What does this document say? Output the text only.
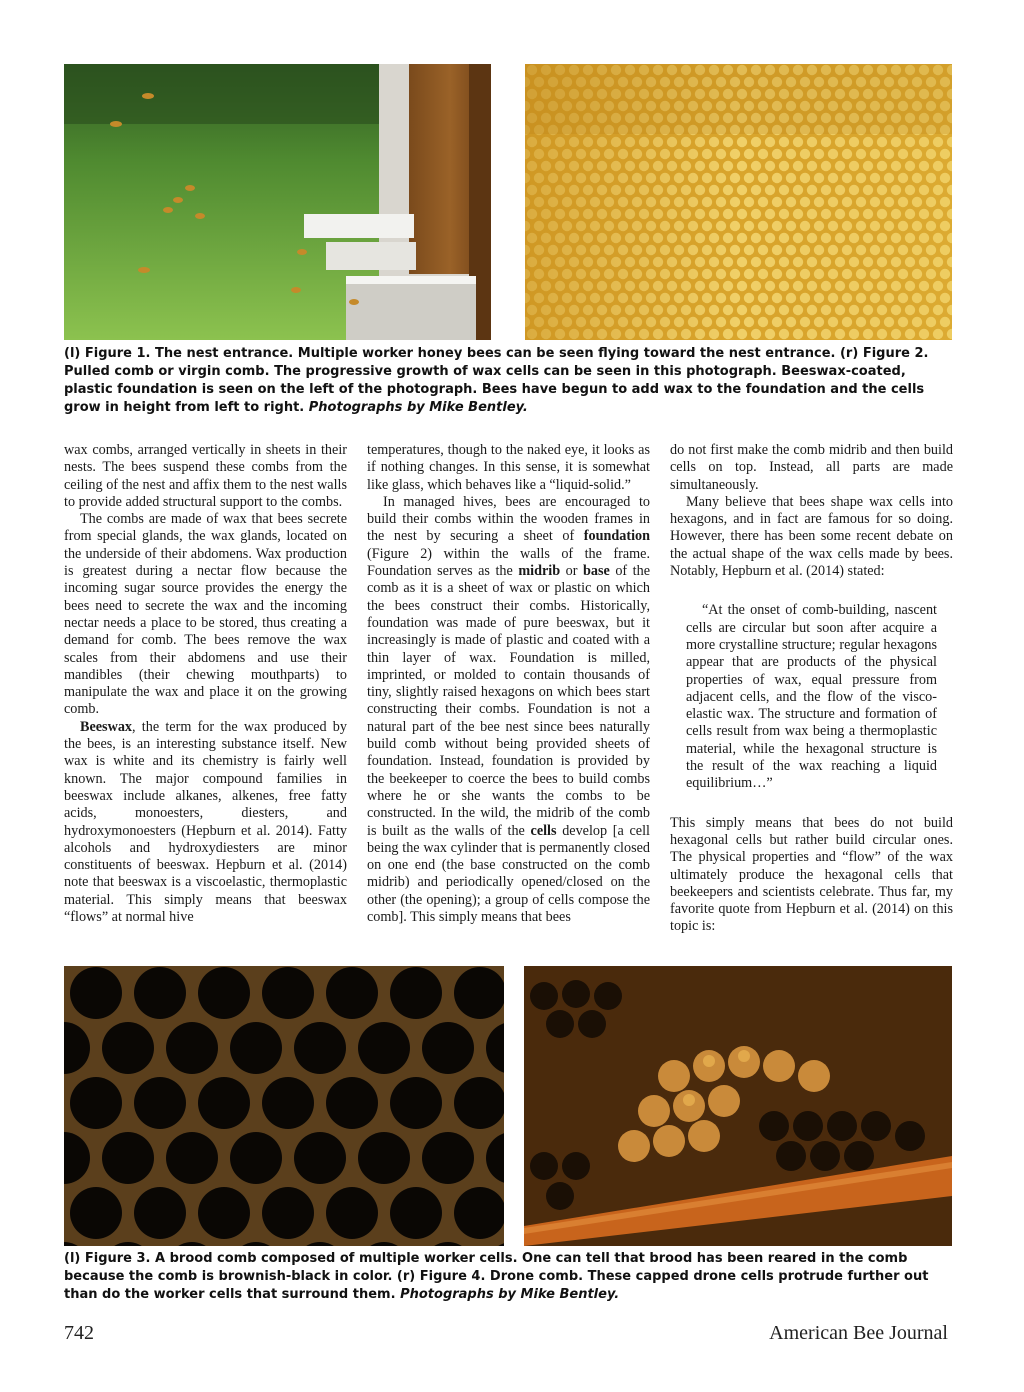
(l) Figure 1. The nest entrance. Multiple worker honey bees can be seen flying toward the nest entrance. (r) Figure 2. Pulled comb or virgin comb. The progressive growth of wax cells can be seen in this photograph. Beeswax-coated, plastic foundation is seen on the left of the photograph. Bees have begun to add wax to the foundation and the cells grow in height from left to right. Photographs by Mike Bentley.

wax combs, arranged vertically in sheets in their nests. The bees suspend these combs from the ceiling of the nest and affix them to the nest walls to provide added structural support to the combs.

The combs are made of wax that bees secrete from special glands, the wax glands, located on the underside of their abdomens. Wax production is greatest during a nectar flow because the incoming sugar source provides the energy the bees need to secrete the wax and the incoming nectar needs a place to be stored, thus creating a demand for comb. The bees remove the wax scales from their abdomens and use their mandibles (their chewing mouthparts) to manipulate the wax and place it on the growing comb.

Beeswax, the term for the wax produced by the bees, is an interesting substance itself. New wax is white and its chemistry is fairly well known. The major compound families in beeswax include alkanes, alkenes, free fatty acids, monoesters, diesters, and hydroxymonoesters (Hepburn et al. 2014). Fatty alcohols and hydroxydiesters are minor constituents of beeswax. Hepburn et al. (2014) note that beeswax is a viscoelastic, thermoplastic material. This simply means that beeswax “flows” at normal hive

temperatures, though to the naked eye, it looks as if nothing changes. In this sense, it is somewhat like glass, which behaves like a “liquid-solid.”

In managed hives, bees are encouraged to build their combs within the wooden frames in the nest by securing a sheet of foundation (Figure 2) within the walls of the frame. Foundation serves as the midrib or base of the comb as it is a sheet of wax or plastic on which the bees construct their combs. Historically, foundation was made of pure beeswax, but it increasingly is made of plastic and coated with a thin layer of wax. Foundation is milled, imprinted, or molded to contain thousands of tiny, slightly raised hexagons on which bees start constructing their combs. Foundation is not a natural part of the bee nest since bees naturally build comb without being provided sheets of foundation. Instead, foundation is provided by the beekeeper to coerce the bees to build combs where he or she wants the combs to be constructed. In the wild, the midrib of the comb is built as the walls of the cells develop [a cell being the wax cylinder that is permanently closed on one end (the base constructed on the comb midrib) and periodically opened/closed on the other (the opening); a group of cells compose the comb]. This simply means that bees

do not first make the comb midrib and then build cells on top. Instead, all parts are made simultaneously.

Many believe that bees shape wax cells into hexagons, and in fact are famous for so doing. However, there has been some recent debate on the actual shape of the wax cells made by bees. Notably, Hepburn et al. (2014) stated:

“At the onset of comb-building, nascent cells are circular but soon after acquire a more crystalline structure; regular hexagons appear that are products of the physical properties of wax, equal pressure from adjacent cells, and the flow of the visco-elastic wax. The structure and formation of cells result from wax being a thermoplastic material, while the hexagonal structure is the result of the wax reaching a liquid equilibrium…”

This simply means that bees do not build hexagonal cells but rather build circular ones. The physical properties and “flow” of the wax ultimately produce the hexagonal cells that beekeepers and scientists celebrate. Thus far, my favorite quote from Hepburn et al. (2014) on this topic is:

(l) Figure 3. A brood comb composed of multiple worker cells. One can tell that brood has been reared in the comb because the comb is brownish-black in color. (r) Figure 4. Drone comb. These capped drone cells protrude further out than do the worker cells that surround them. Photographs by Mike Bentley.

742	American Bee Journal
